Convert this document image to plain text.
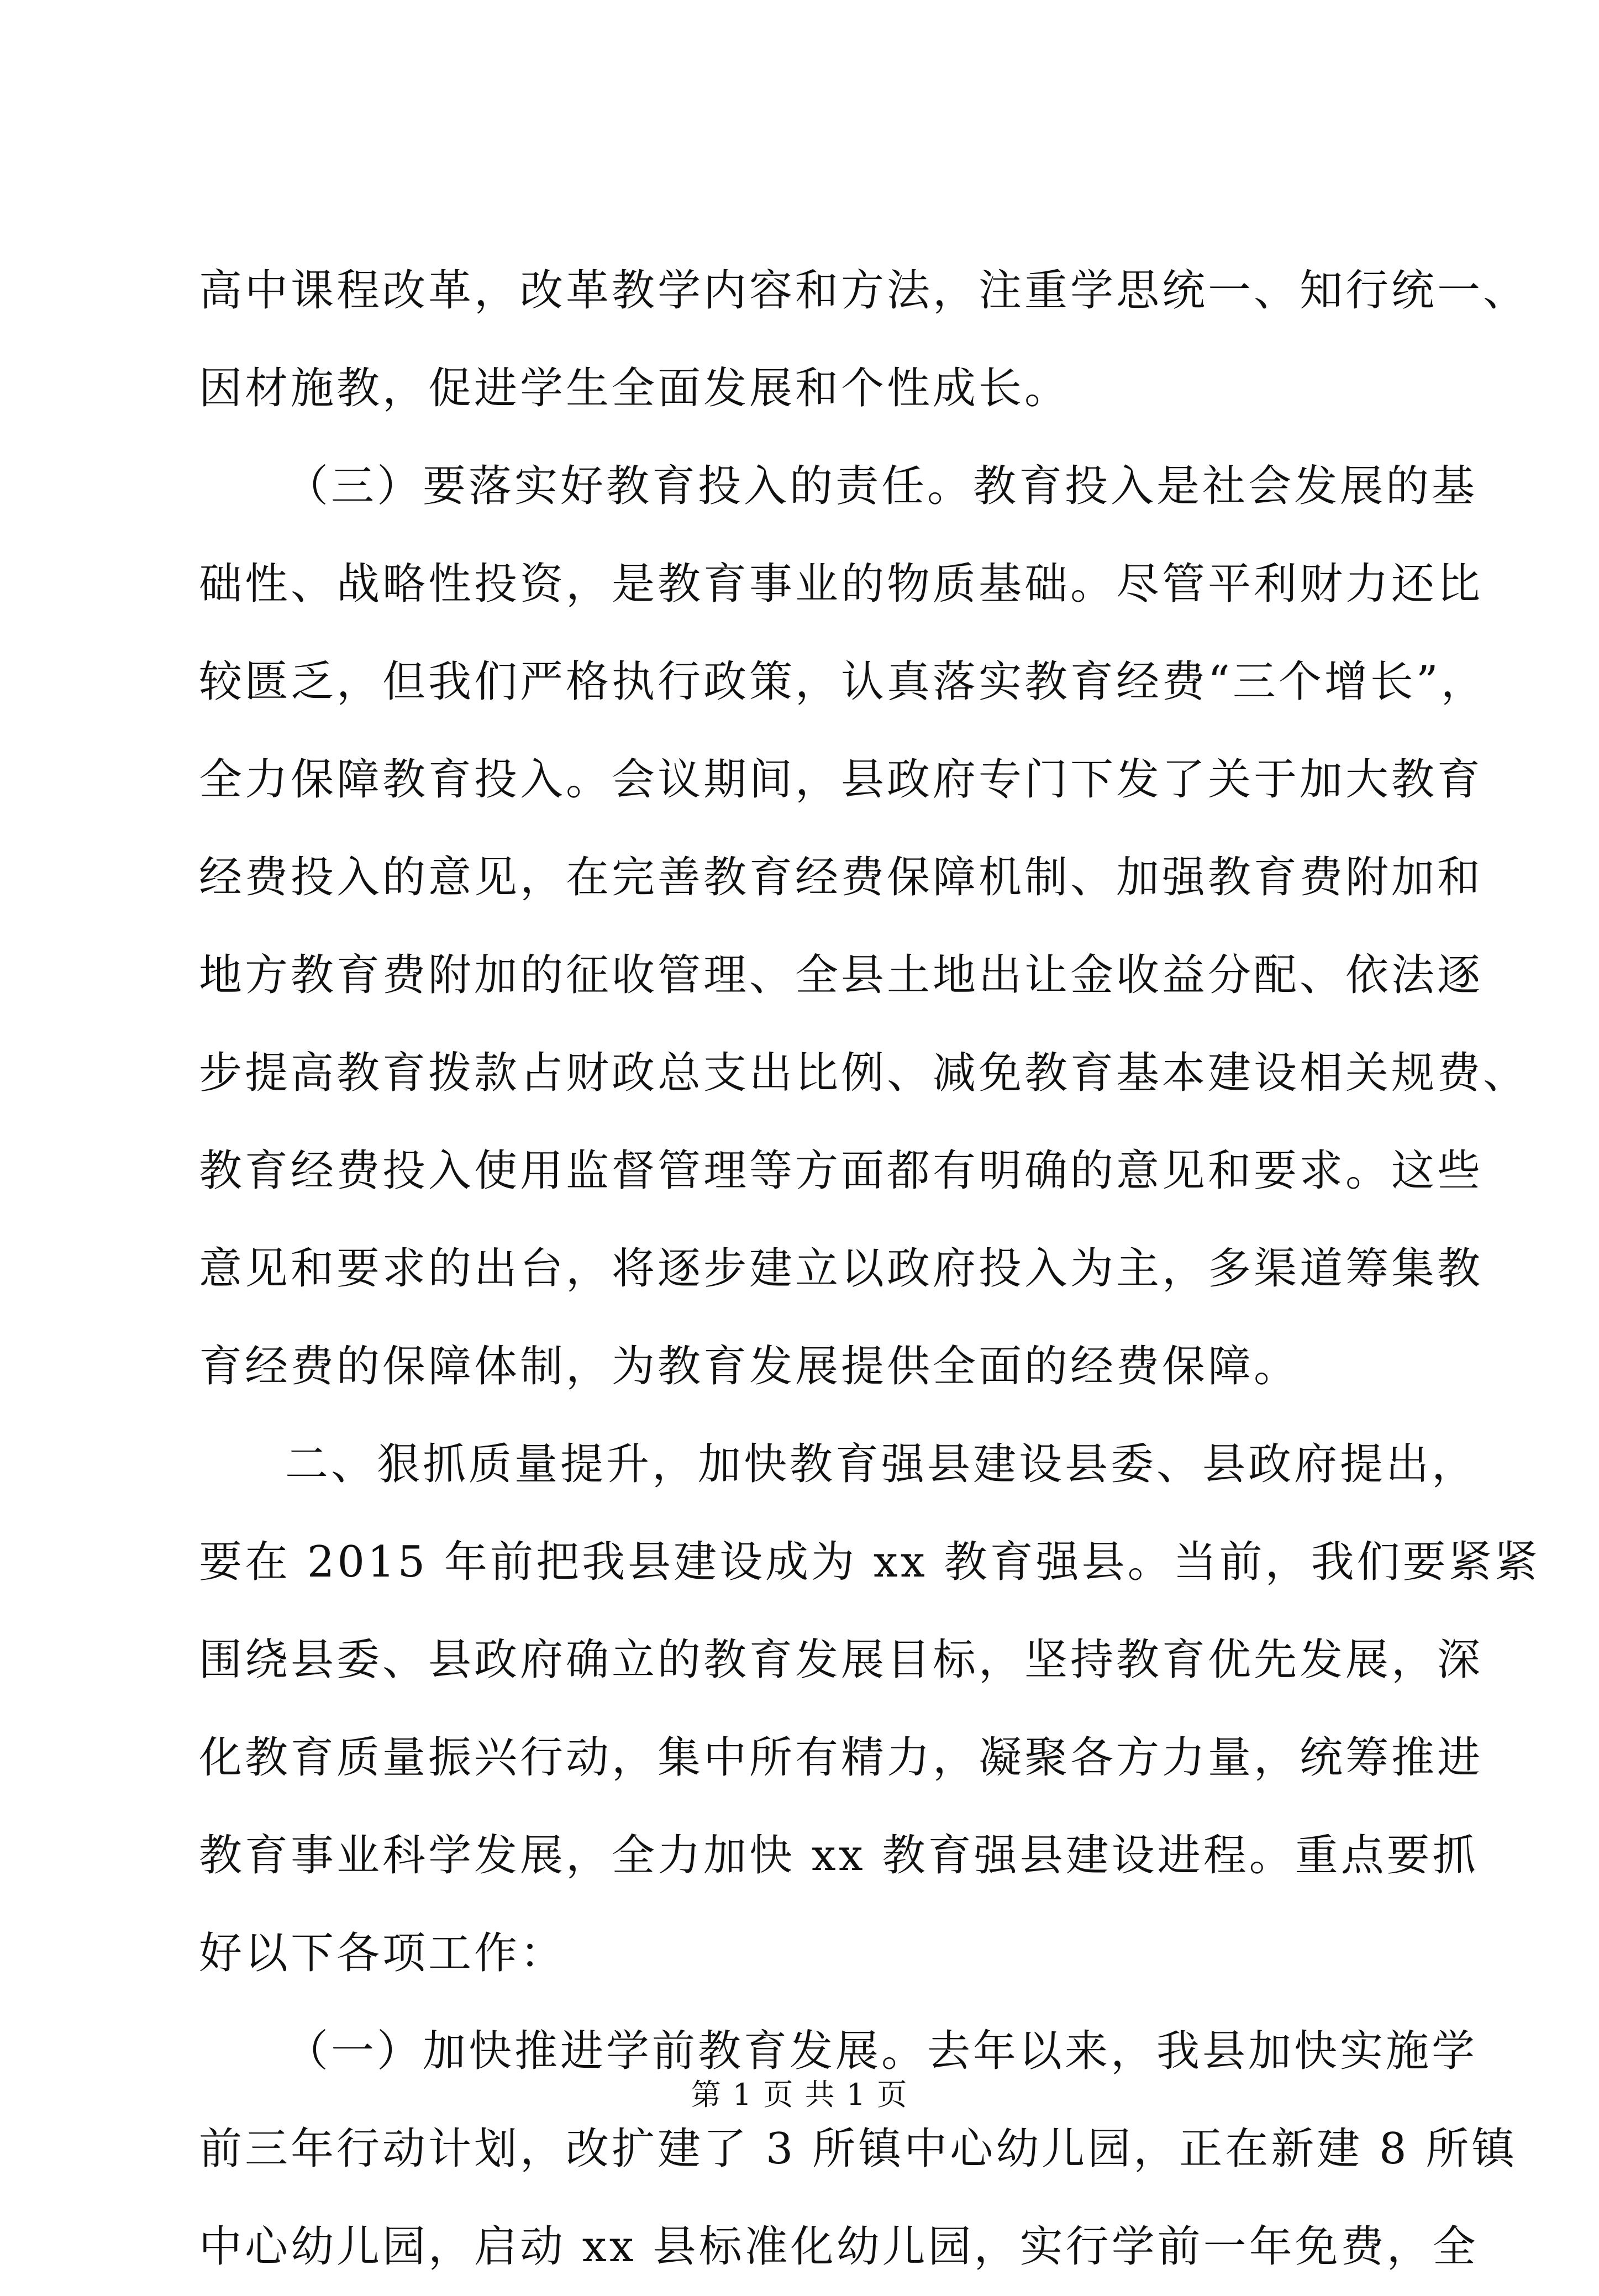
高中课程改革，改革教学内容和方法，注重学思统一、知行统一、
因材施教，促进学生全面发展和个性成长。
（三）要落实好教育投入的责任。教育投入是社会发展的基
础性、战略性投资，是教育事业的物质基础。尽管平利财力还比
较匮乏，但我们严格执行政策，认真落实教育经费“三个增长”，
全力保障教育投入。会议期间，县政府专门下发了关于加大教育
经费投入的意见，在完善教育经费保障机制、加强教育费附加和
地方教育费附加的征收管理、全县土地出让金收益分配、依法逐
步提高教育拨款占财政总支出比例、减免教育基本建设相关规费、
教育经费投入使用监督管理等方面都有明确的意见和要求。这些
意见和要求的出台，将逐步建立以政府投入为主，多渠道筹集教
育经费的保障体制，为教育发展提供全面的经费保障。
二、狠抓质量提升，加快教育强县建设县委、县政府提出，
要在 2015 年前把我县建设成为 xx 教育强县。当前，我们要紧紧
围绕县委、县政府确立的教育发展目标，坚持教育优先发展，深
化教育质量振兴行动，集中所有精力，凝聚各方力量，统筹推进
教育事业科学发展，全力加快 xx 教育强县建设进程。重点要抓
好以下各项工作：
（一）加快推进学前教育发展。去年以来，我县加快实施学
前三年行动计划，改扩建了 3 所镇中心幼儿园，正在新建 8 所镇
中心幼儿园，启动 xx 县标准化幼儿园，实行学前一年免费，全
第 1 页 共 1 页
